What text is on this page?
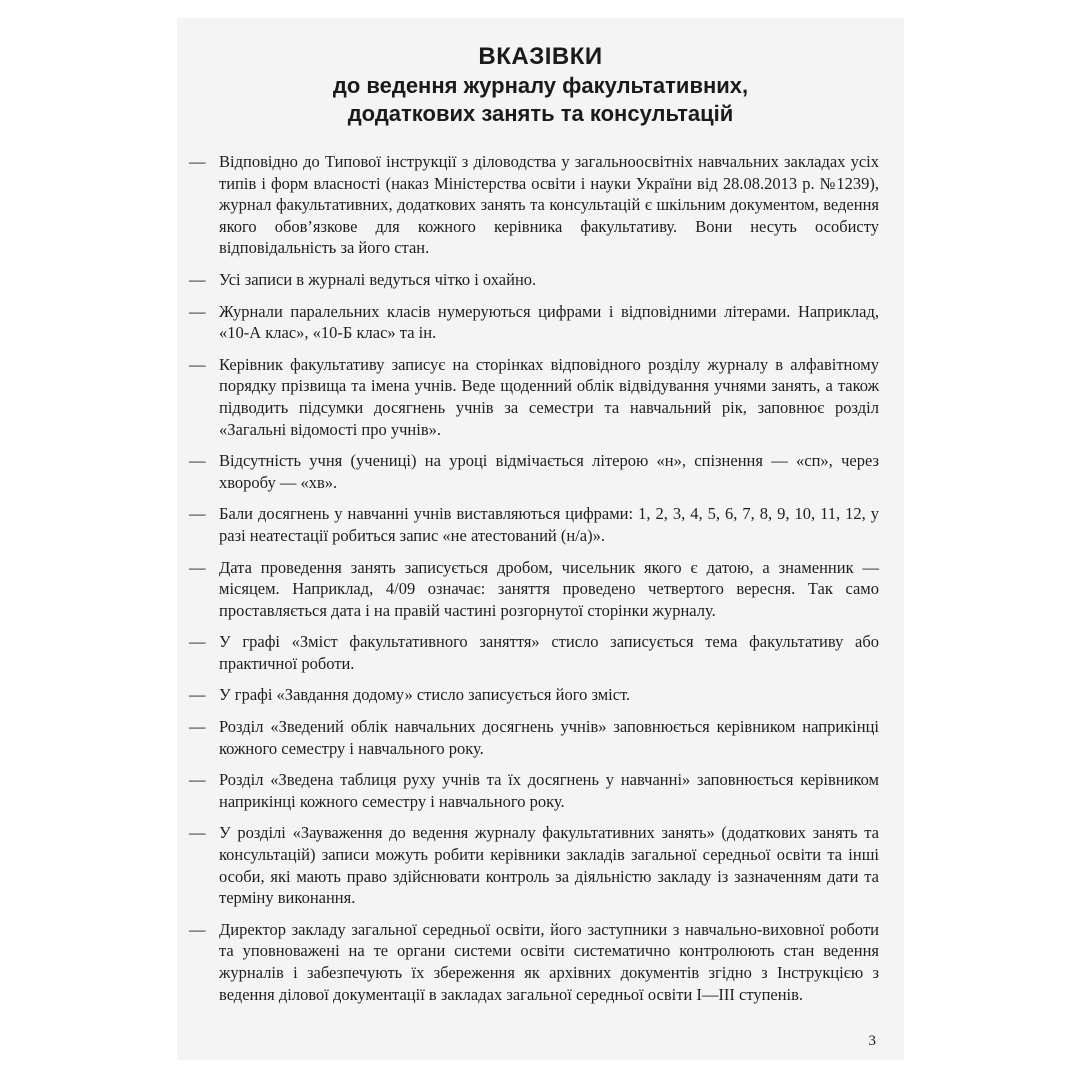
ВКАЗІВКИ
до ведення журналу факультативних,
додаткових занять та консультацій
— Відповідно до Типової інструкції з діловодства у загальноосвітніх навчальних закладах усіх типів і форм власності (наказ Міністерства освіти і науки України від 28.08.2013 р. №1239), журнал факультативних, додаткових занять та консультацій є шкільним документом, ведення якого обов’язкове для кожного керівника факультативу. Вони несуть особисту відповідальність за його стан.
— Усі записи в журналі ведуться чітко і охайно.
— Журнали паралельних класів нумеруються цифрами і відповідними літерами. Наприклад, «10-А клас», «10-Б клас» та ін.
— Керівник факультативу записує на сторінках відповідного розділу журналу в алфавітному порядку прізвища та імена учнів. Веде щоденний облік відвідування учнями занять, а також підводить підсумки досягнень учнів за семестри та навчальний рік, заповнює розділ «Загальні відомості про учнів».
— Відсутність учня (учениці) на уроці відмічається літерою «н», спізнення — «сп», через хворобу — «хв».
— Бали досягнень у навчанні учнів виставляються цифрами: 1, 2, 3, 4, 5, 6, 7, 8, 9, 10, 11, 12, у разі неатестації робиться запис «не атестований (н/а)».
— Дата проведення занять записується дробом, чисельник якого є датою, а знаменник — місяцем. Наприклад, 4/09 означає: заняття проведено четвертого вересня. Так само проставляється дата і на правій частині розгорнутої сторінки журналу.
— У графі «Зміст факультативного заняття» стисло записується тема факультативу або практичної роботи.
— У графі «Завдання додому» стисло записується його зміст.
— Розділ «Зведений облік навчальних досягнень учнів» заповнюється керівником наприкінці кожного семестру і навчального року.
— Розділ «Зведена таблиця руху учнів та їх досягнень у навчанні» заповнюється керівником наприкінці кожного семестру і навчального року.
— У розділі «Зауваження до ведення журналу факультативних занять» (додаткових занять та консультацій) записи можуть робити керівники закладів загальної середньої освіти та інші особи, які мають право здійснювати контроль за діяльністю закладу із зазначенням дати та терміну виконання.
— Директор закладу загальної середньої освіти, його заступники з навчально-виховної роботи та уповноважені на те органи системи освіти систематично контролюють стан ведення журналів і забезпечують їх збереження як архівних документів згідно з Інструкцією з ведення ділової документації в закладах загальної середньої освіти І—ІІІ ступенів.
3
